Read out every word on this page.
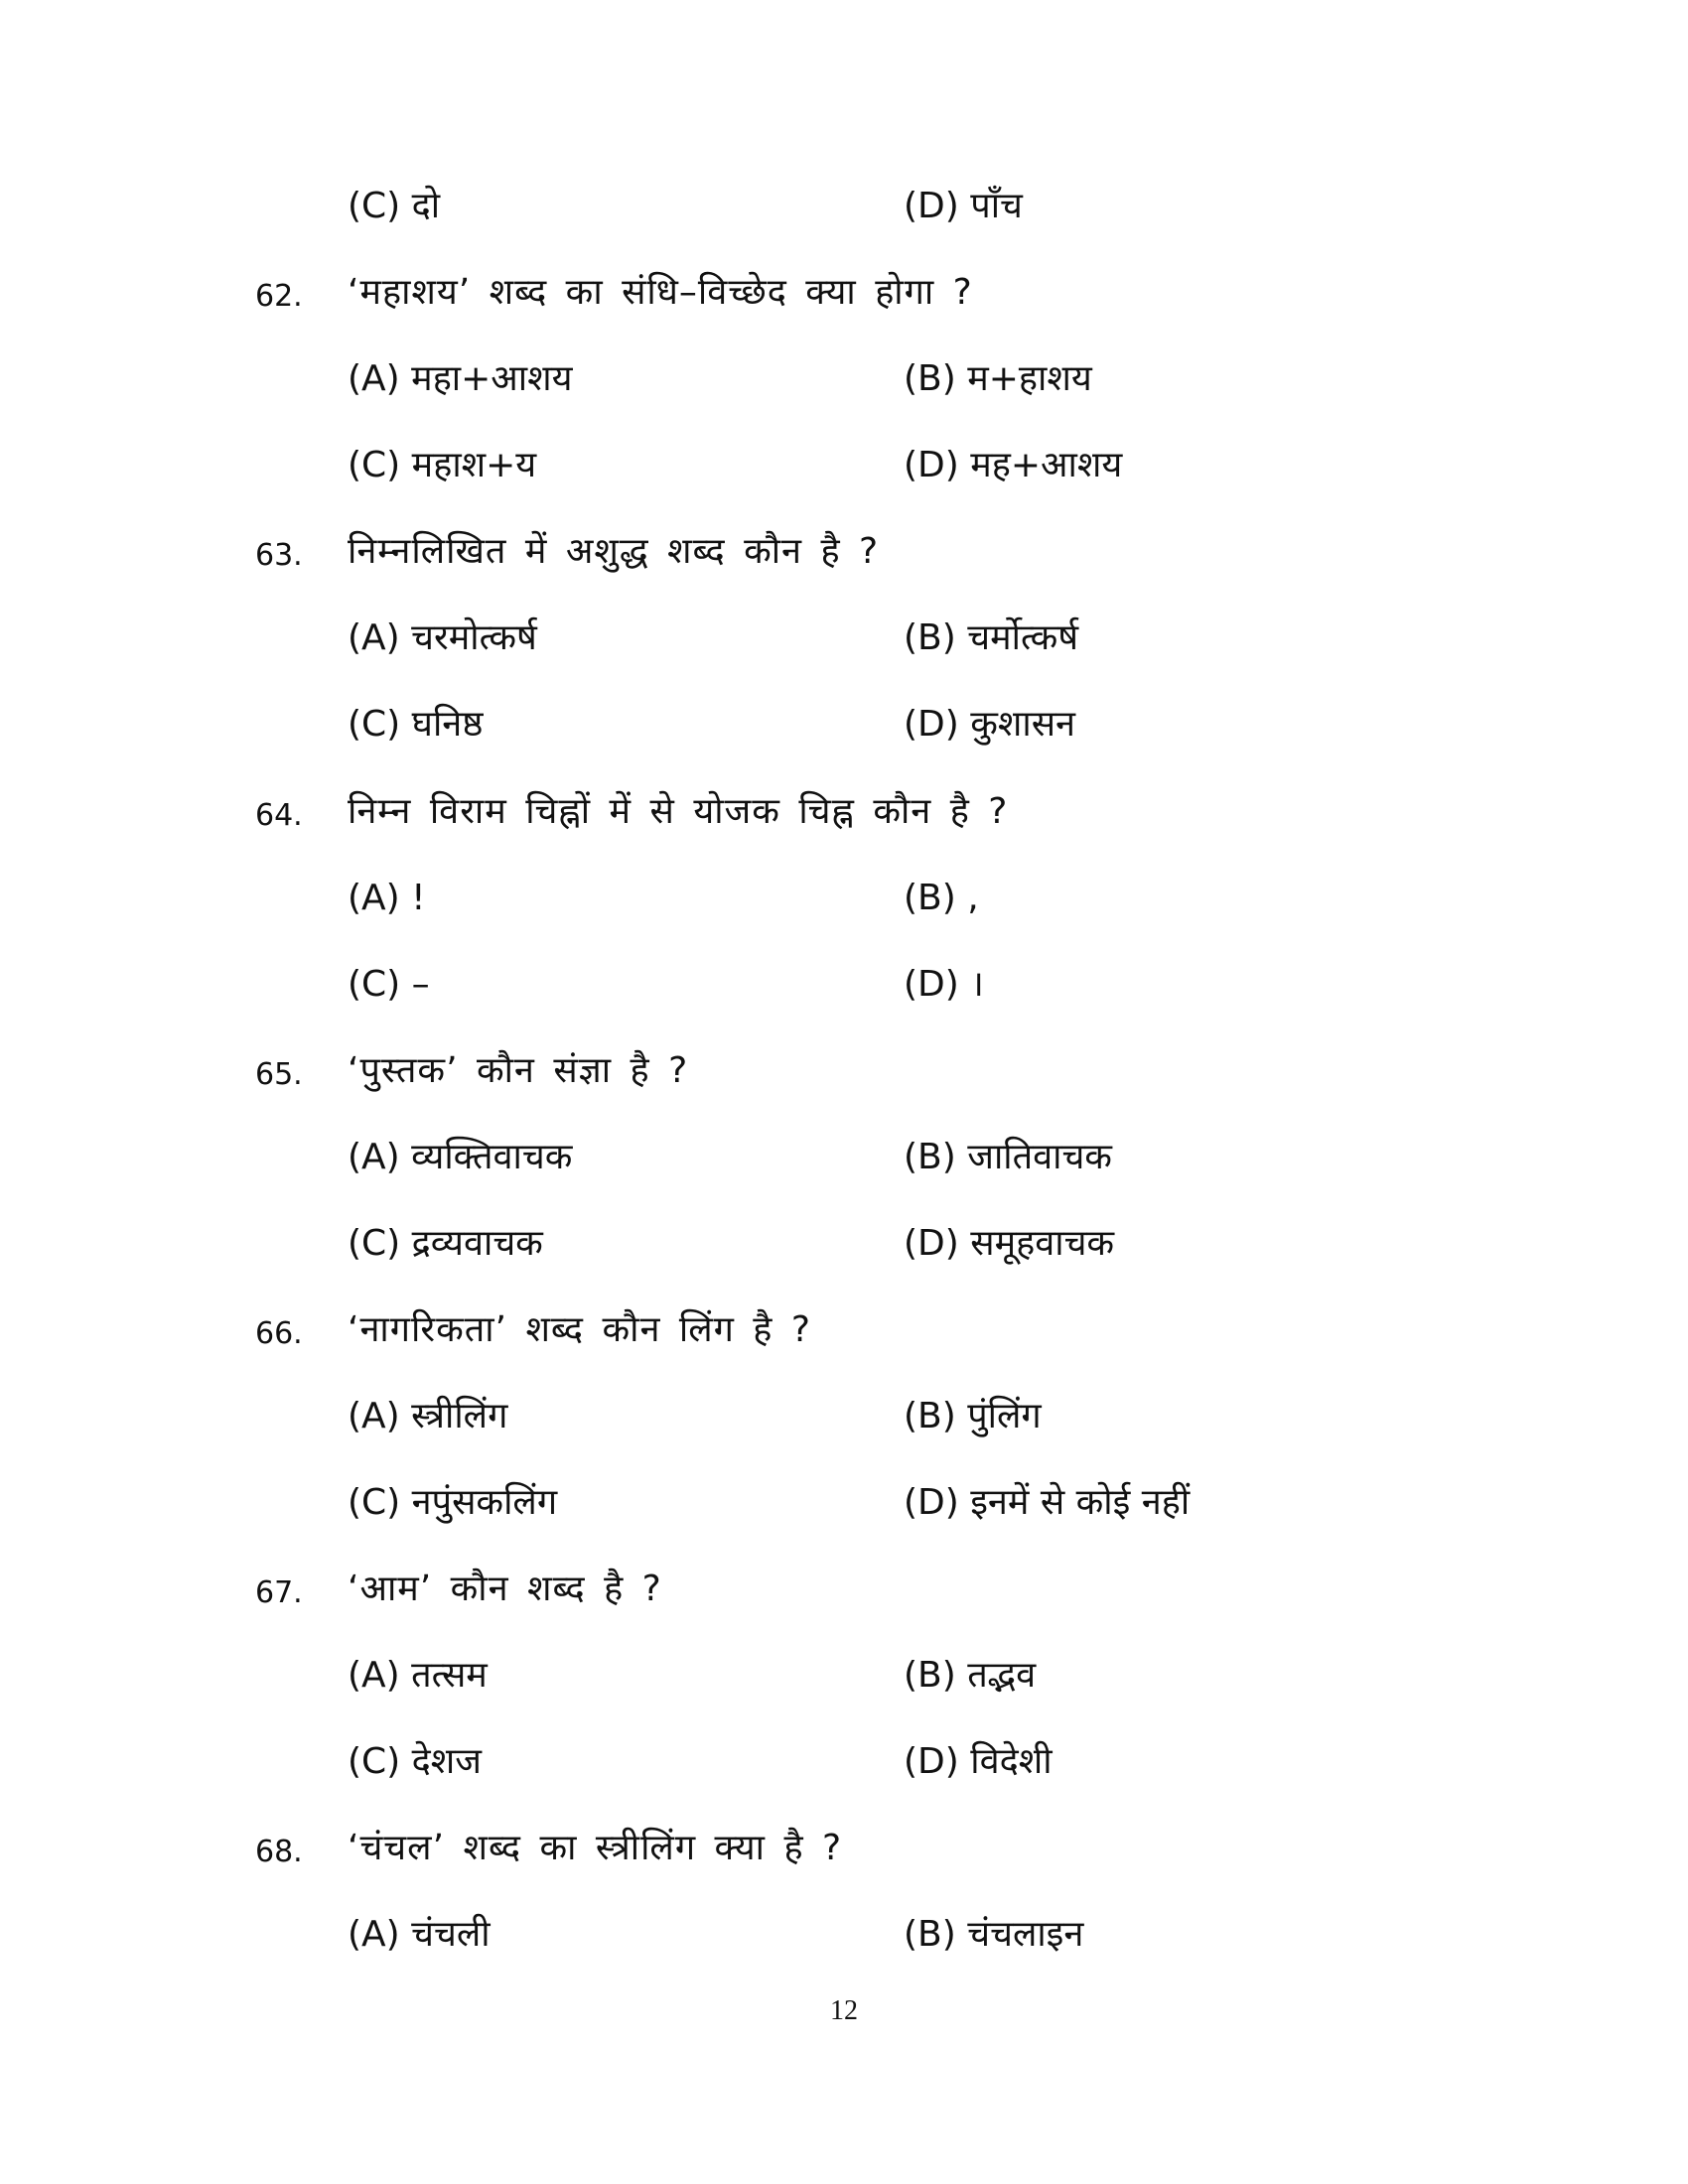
(C) दो	(D) पाँच
62. ‘महाशय’ शब्द का संधि–विच्छेद क्या होगा ?
(A) महा+आशय	(B) म+हाशय
(C) महाश+य	(D) मह+आशय
63. निम्नलिखित में अशुद्ध शब्द कौन है ?
(A) चरमोत्कर्ष	(B) चर्मोत्कर्ष
(C) घनिष्ठ	(D) कुशासन
64. निम्न विराम चिह्नों में से योजक चिह्न कौन है ?
(A) !	(B) ,
(C) –	(D) ।
65. ‘पुस्तक’ कौन संज्ञा है ?
(A) व्यक्तिवाचक	(B) जातिवाचक
(C) द्रव्यवाचक	(D) समूहवाचक
66. ‘नागरिकता’ शब्द कौन लिंग है ?
(A) स्त्रीलिंग	(B) पुंलिंग
(C) नपुंसकलिंग	(D) इनमें से कोई नहीं
67. ‘आम’ कौन शब्द है ?
(A) तत्सम	(B) तद्भव
(C) देशज	(D) विदेशी
68. ‘चंचल’ शब्द का स्त्रीलिंग क्या है ?
(A) चंचली	(B) चंचलाइन
12
